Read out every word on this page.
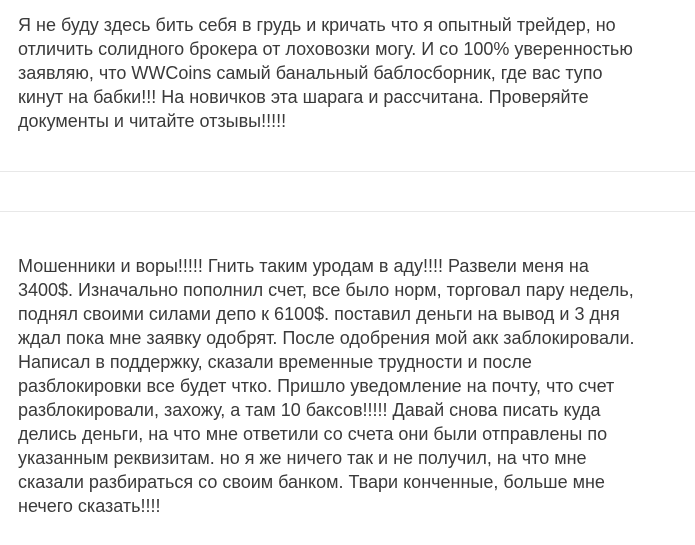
Я не буду здесь бить себя в грудь и кричать что я опытный трейдер, но
отличить солидного брокера от лоховозки могу. И со 100% уверенностью
заявляю, что WWCoins самый банальный баблосборник, где вас тупо
кинут на бабки!!! На новичков эта шарага и рассчитана. Проверяйте
документы и читайте отзывы!!!!!

Мошенники и воры!!!!! Гнить таким уродам в аду!!!! Развели меня на
3400$. Изначально пополнил счет, все было норм, торговал пару недель,
поднял своими силами депо к 6100$. поставил деньги на вывод и 3 дня
ждал пока мне заявку одобрят. После одобрения мой акк заблокировали.
Написал в поддержку, сказали временные трудности и после
разблокировки все будет чтко. Пришло уведомление на почту, что счет
разблокировали, захожу, а там 10 баксов!!!!! Давай снова писать куда
делись деньги, на что мне ответили со счета они были отправлены по
указанным реквизитам. но я же ничего так и не получил, на что мне
сказали разбираться со своим банком. Твари конченные, больше мне
нечего сказать!!!!
